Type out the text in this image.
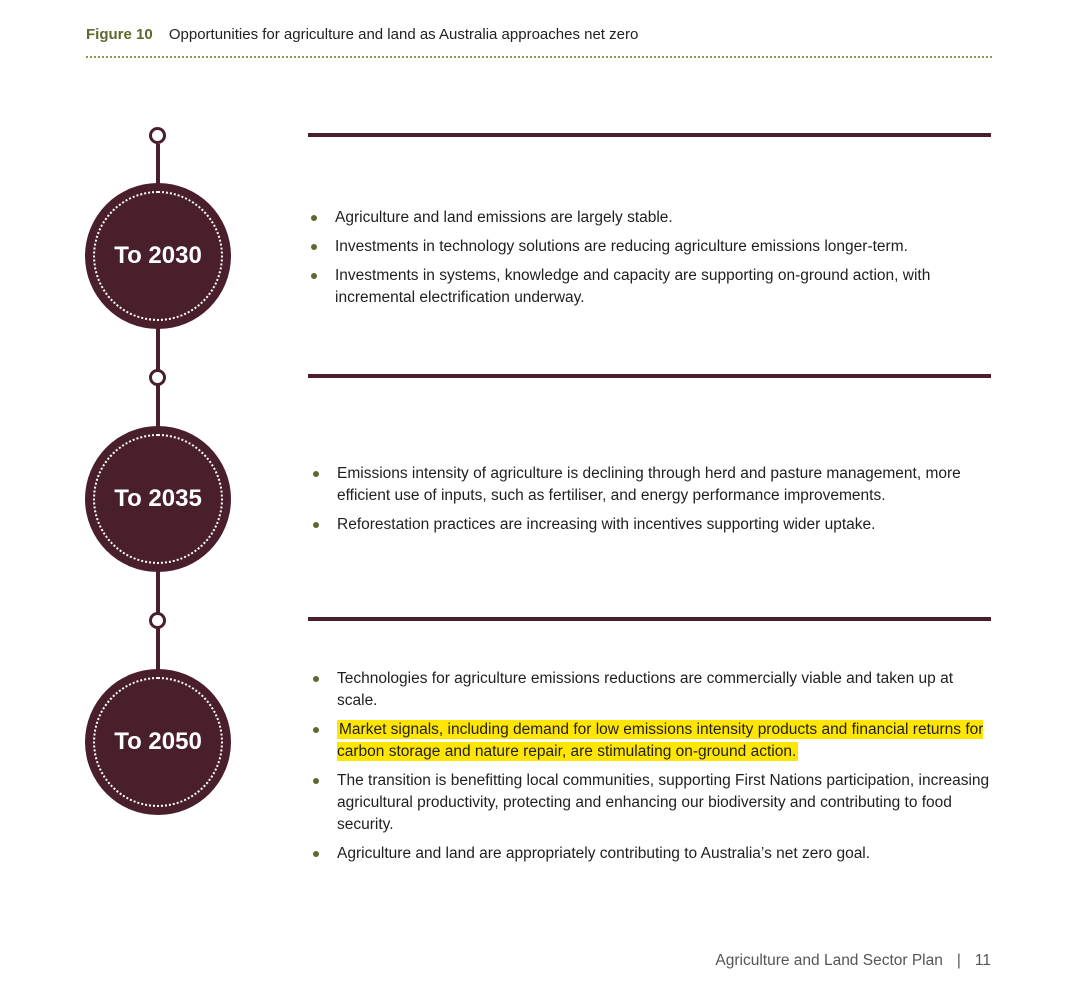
Figure 10 Opportunities for agriculture and land as Australia approaches net zero
To 2030
Agriculture and land emissions are largely stable.
Investments in technology solutions are reducing agriculture emissions longer-term.
Investments in systems, knowledge and capacity are supporting on-ground action, with incremental electrification underway.
To 2035
Emissions intensity of agriculture is declining through herd and pasture management, more efficient use of inputs, such as fertiliser, and energy performance improvements.
Reforestation practices are increasing with incentives supporting wider uptake.
To 2050
Technologies for agriculture emissions reductions are commercially viable and taken up at scale.
Market signals, including demand for low emissions intensity products and financial returns for carbon storage and nature repair, are stimulating on-ground action.
The transition is benefitting local communities, supporting First Nations participation, increasing agricultural productivity, protecting and enhancing our biodiversity and contributing to food security.
Agriculture and land are appropriately contributing to Australia’s net zero goal.
Agriculture and Land Sector Plan | 11
